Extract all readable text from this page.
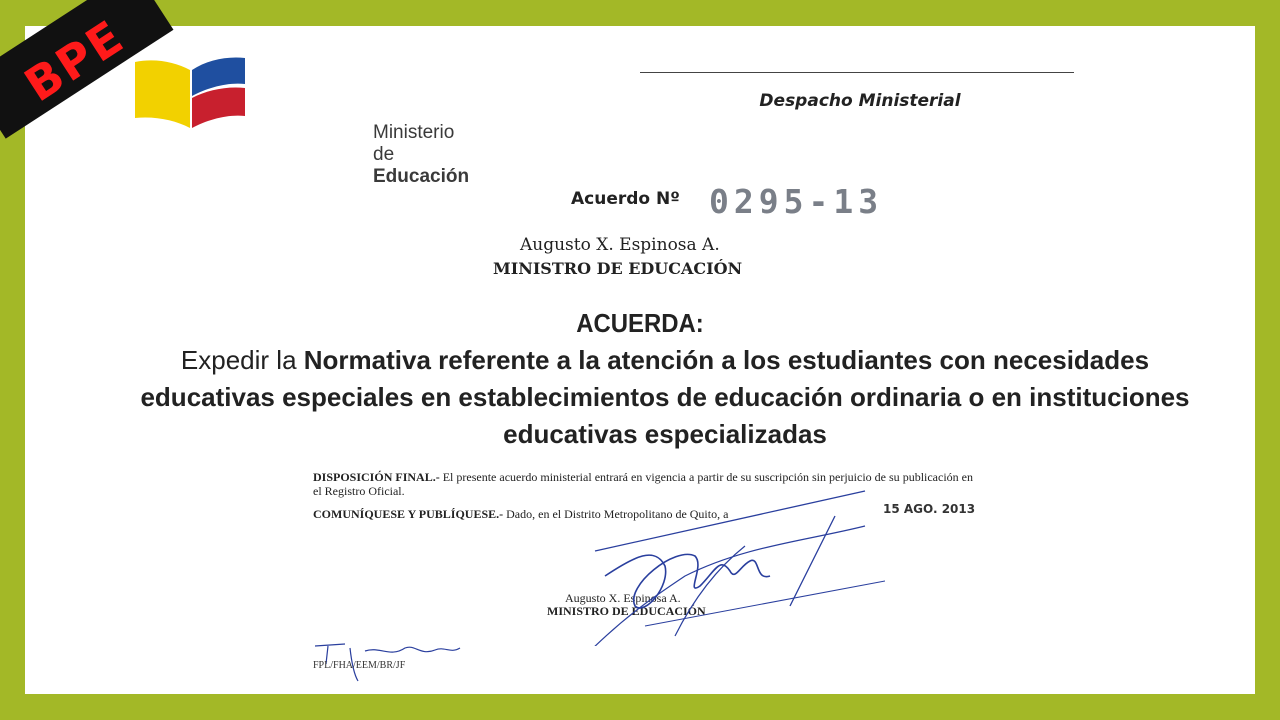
Ministerio
de Educación
Despacho Ministerial
Acuerdo Nº 0295-13
Augusto X. Espinosa A.
MINISTRO DE EDUCACIÓN
ACUERDA:
Expedir la Normativa referente a la atención a los estudiantes con necesidades educativas especiales en establecimientos de educación ordinaria o en instituciones educativas especializadas
DISPOSICIÓN FINAL.- El presente acuerdo ministerial entrará en vigencia a partir de su suscripción sin perjuicio de su publicación en el Registro Oficial.
COMUNÍQUESE Y PUBLÍQUESE.- Dado, en el Distrito Metropolitano de Quito, a	15 AGO. 2013
Augusto X. Espinosa A.
MINISTRO DE EDUCACIÓN
FPL/FHA/EEM/BR/JF
BPE
